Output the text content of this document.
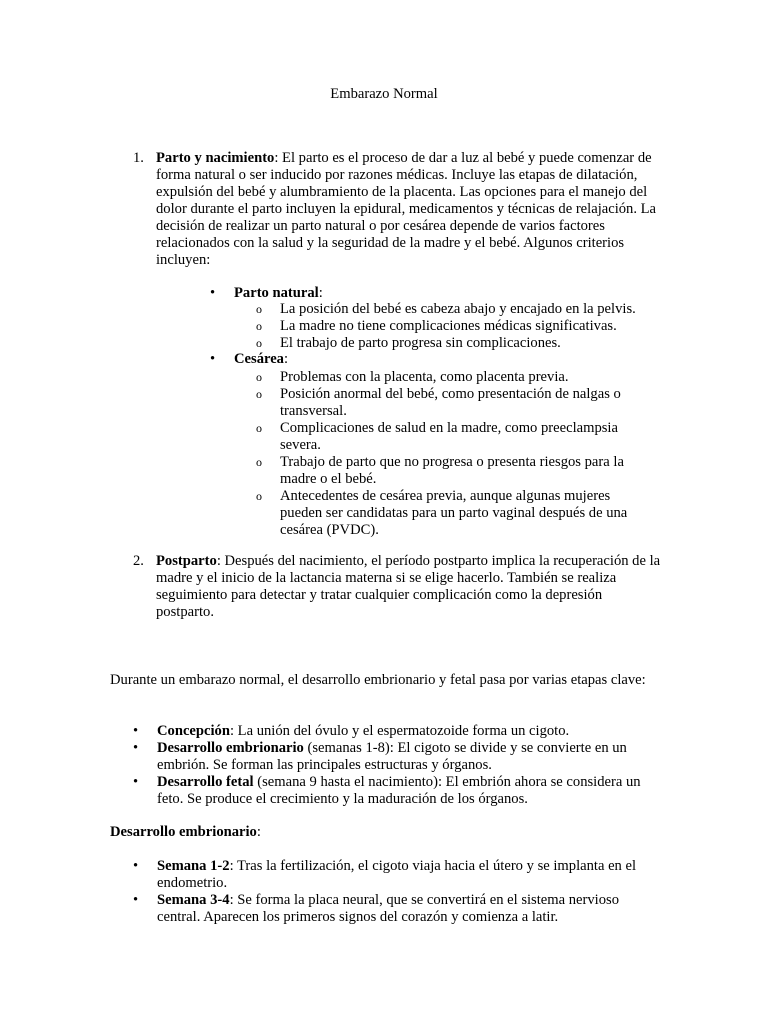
Embarazo Normal
1. Parto y nacimiento: El parto es el proceso de dar a luz al bebé y puede comenzar de forma natural o ser inducido por razones médicas. Incluye las etapas de dilatación, expulsión del bebé y alumbramiento de la placenta. Las opciones para el manejo del dolor durante el parto incluyen la epidural, medicamentos y técnicas de relajación. La decisión de realizar un parto natural o por cesárea depende de varios factores relacionados con la salud y la seguridad de la madre y el bebé. Algunos criterios incluyen:

• Parto natural:
o La posición del bebé es cabeza abajo y encajado en la pelvis.
o La madre no tiene complicaciones médicas significativas.
o El trabajo de parto progresa sin complicaciones.
• Cesárea:
o Problemas con la placenta, como placenta previa.
o Posición anormal del bebé, como presentación de nalgas o transversal.
o Complicaciones de salud en la madre, como preeclampsia severa.
o Trabajo de parto que no progresa o presenta riesgos para la madre o el bebé.
o Antecedentes de cesárea previa, aunque algunas mujeres pueden ser candidatas para un parto vaginal después de una cesárea (PVDC).
2. Postparto: Después del nacimiento, el período postparto implica la recuperación de la madre y el inicio de la lactancia materna si se elige hacerlo. También se realiza seguimiento para detectar y tratar cualquier complicación como la depresión postparto.

Durante un embarazo normal, el desarrollo embrionario y fetal pasa por varias etapas clave:

• Concepción: La unión del óvulo y el espermatozoide forma un cigoto.
• Desarrollo embrionario (semanas 1-8): El cigoto se divide y se convierte en un embrión. Se forman las principales estructuras y órganos.
• Desarrollo fetal (semana 9 hasta el nacimiento): El embrión ahora se considera un feto. Se produce el crecimiento y la maduración de los órganos.
Desarrollo embrionario:
• Semana 1-2: Tras la fertilización, el cigoto viaja hacia el útero y se implanta en el endometrio.
• Semana 3-4: Se forma la placa neural, que se convertirá en el sistema nervioso central. Aparecen los primeros signos del corazón y comienza a latir.
